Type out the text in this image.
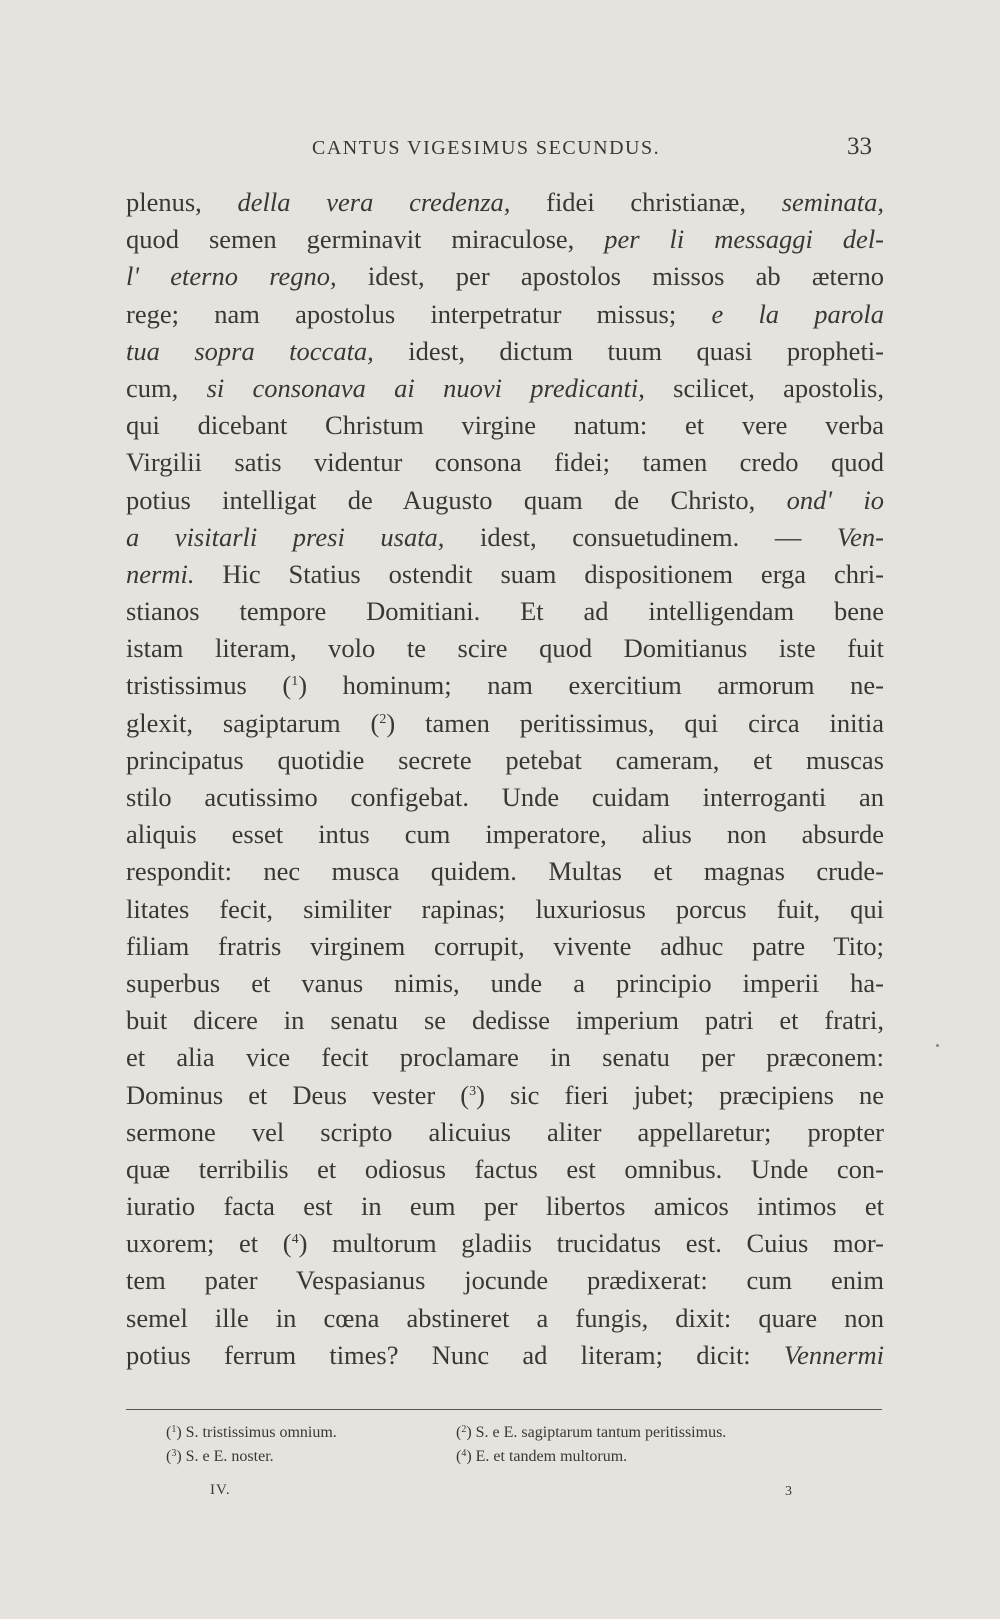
CANTUS VIGESIMUS SECUNDUS.	33
plenus, della vera credenza, fidei christianæ, seminata,
quod semen germinavit miraculose, per li messaggi del-
l' eterno regno, idest, per apostolos missos ab æterno
rege; nam apostolus interpetratur missus; e la parola
tua sopra toccata, idest, dictum tuum quasi propheti-
cum, si consonava ai nuovi predicanti, scilicet, apostolis,
qui dicebant Christum virgine natum: et vere verba
Virgilii satis videntur consona fidei; tamen credo quod
potius intelligat de Augusto quam de Christo, ond' io
a visitarli presi usata, idest, consuetudinem. — Ven-
nermi. Hic Statius ostendit suam dispositionem erga chri-
stianos tempore Domitiani. Et ad intelligendam bene
istam literam, volo te scire quod Domitianus iste fuit
tristissimus ($^1$) hominum; nam exercitium armorum ne-
glexit, sagiptarum ($^2$) tamen peritissimus, qui circa initia
principatus quotidie secrete petebat cameram, et muscas
stilo acutissimo configebat. Unde cuidam interroganti an
aliquis esset intus cum imperatore, alius non absurde
respondit: nec musca quidem. Multas et magnas crude-
litates fecit, similiter rapinas; luxuriosus porcus fuit, qui
filiam fratris virginem corrupit, vivente adhuc patre Tito;
superbus et vanus nimis, unde a principio imperii ha-
buit dicere in senatu se dedisse imperium patri et fratri,
et alia vice fecit proclamare in senatu per præconem:
Dominus et Deus vester ($^3$) sic fieri jubet; præcipiens ne
sermone vel scripto alicuius aliter appellaretur; propter
quæ terribilis et odiosus factus est omnibus. Unde con-
iuratio facta est in eum per libertos amicos intimos et
uxorem; et ($^4$) multorum gladiis trucidatus est. Cuius mor-
tem pater Vespasianus jocunde prædixerat: cum enim
semel ille in cœna abstineret a fungis, dixit: quare non
potius ferrum times? Nunc ad literam; dicit: Vennermi
($^1$) S. tristissimus omnium.	($^2$) S. e E. sagiptarum tantum peritissimus.
($^3$) S. e E. noster.	($^4$) E. et tandem multorum.
IV.	3
